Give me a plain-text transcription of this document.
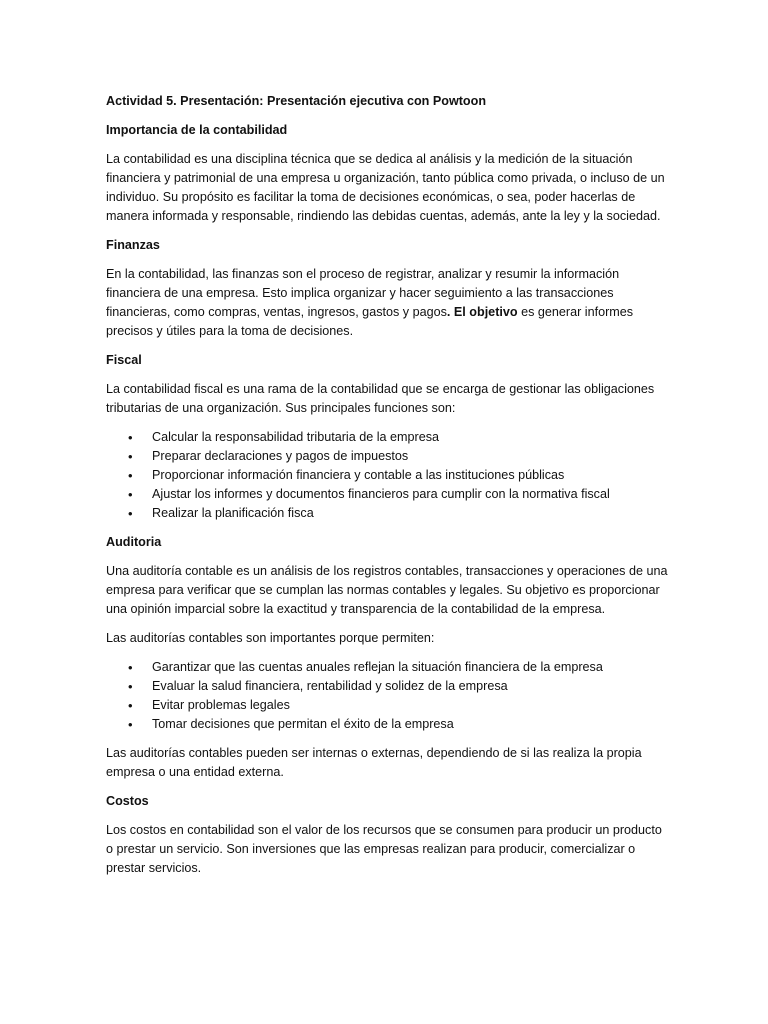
Actividad 5. Presentación: Presentación ejecutiva con Powtoon

Importancia de la contabilidad

La contabilidad es una disciplina técnica que se dedica al análisis y la medición de la situación financiera y patrimonial de una empresa u organización, tanto pública como privada, o incluso de un individuo. Su propósito es facilitar la toma de decisiones económicas, o sea, poder hacerlas de manera informada y responsable, rindiendo las debidas cuentas, además, ante la ley y la sociedad.

Finanzas

En la contabilidad, las finanzas son el proceso de registrar, analizar y resumir la información financiera de una empresa. Esto implica organizar y hacer seguimiento a las transacciones financieras, como compras, ventas, ingresos, gastos y pagos. El objetivo es generar informes precisos y útiles para la toma de decisiones.

Fiscal

La contabilidad fiscal es una rama de la contabilidad que se encarga de gestionar las obligaciones tributarias de una organización. Sus principales funciones son:

• Calcular la responsabilidad tributaria de la empresa
• Preparar declaraciones y pagos de impuestos
• Proporcionar información financiera y contable a las instituciones públicas
• Ajustar los informes y documentos financieros para cumplir con la normativa fiscal
• Realizar la planificación fisca

Auditoria

Una auditoría contable es un análisis de los registros contables, transacciones y operaciones de una empresa para verificar que se cumplan las normas contables y legales. Su objetivo es proporcionar una opinión imparcial sobre la exactitud y transparencia de la contabilidad de la empresa.

Las auditorías contables son importantes porque permiten:

• Garantizar que las cuentas anuales reflejan la situación financiera de la empresa
• Evaluar la salud financiera, rentabilidad y solidez de la empresa
• Evitar problemas legales
• Tomar decisiones que permitan el éxito de la empresa

Las auditorías contables pueden ser internas o externas, dependiendo de si las realiza la propia empresa o una entidad externa.

Costos

Los costos en contabilidad son el valor de los recursos que se consumen para producir un producto o prestar un servicio. Son inversiones que las empresas realizan para producir, comercializar o prestar servicios.
